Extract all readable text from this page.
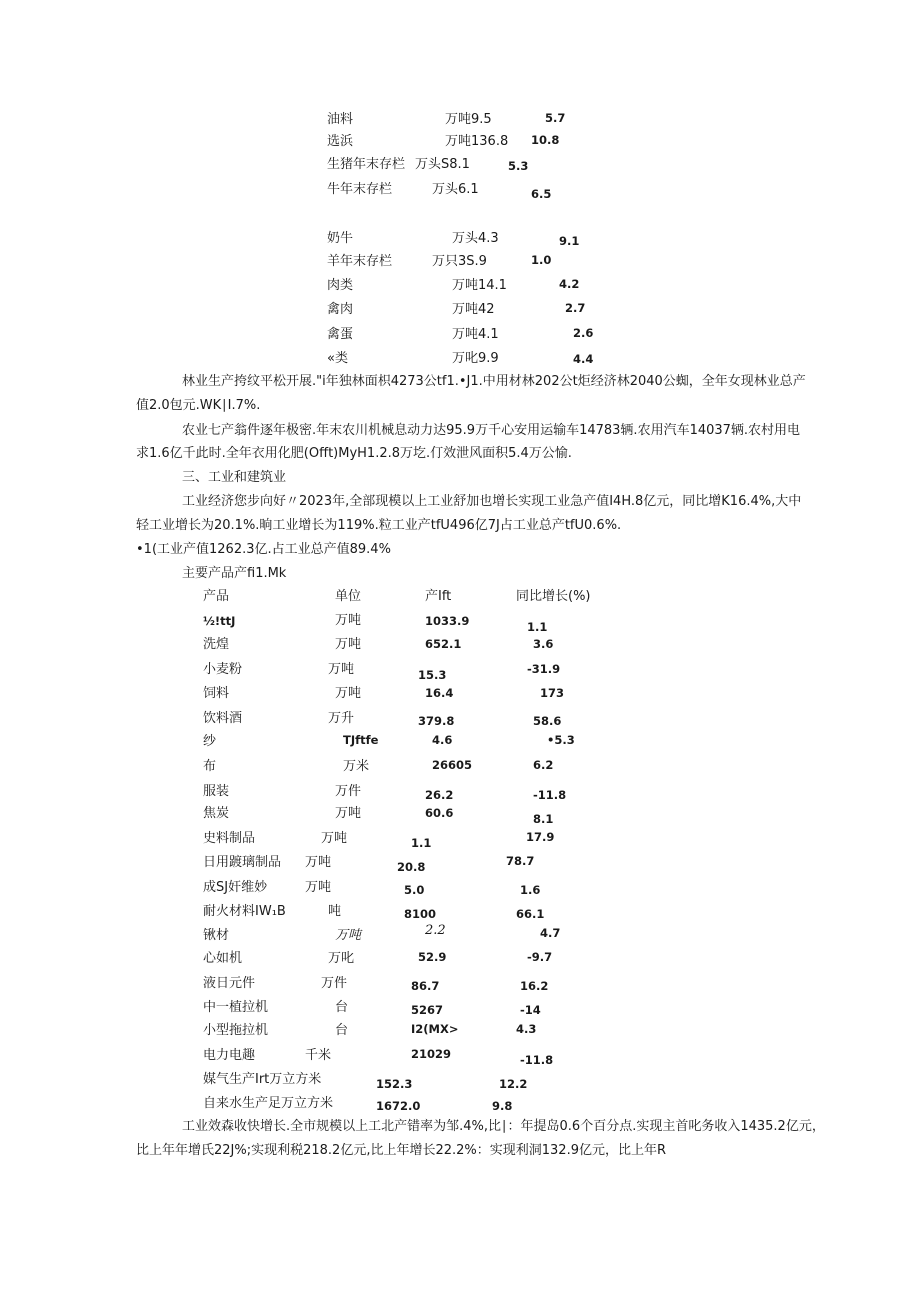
油料	万吨9.5	5.7
选浜	万吨136.8 10.8
生猪年末存栏 万头S8.1	5.3
牛年末存栏	万头6.1	6.5
奶牛	万头4.3	9.1
羊年末存栏	万只3S.9	1.0
肉类	万吨14.1	4.2
禽肉	万吨42	2.7
禽蛋	万吨4.1	2.6
«类	万叱9.9	4.4
林业生产挎纹平松开展."i年独林面枳4273公tf1.•J1.中用材林202公t炬经济林2040公蜘，全年女现林业总产
值2.0包元.WK∣I.7%.
农业七产翁件逐年极密.年末农川机械息动力达95.9万千心安用运输车14783辆.农用汽车14037辆.农村用电
求1.6亿千此时.全年衣用化肥(Offt)MyH1.2.8万圪.仃效泄风面积5.4万公愉.
三、工业和建筑业
工业经济您步向好〃2023年,全部现模以上工业舒加也增长实现工业急产值I4H.8亿元，同比增K16.4%,大中
轻工业增长为20.1%.晌工业增长为119%.粒工业产tfU496亿7J占工业总产tfU0.6%.
•1(工业产值1262.3亿.占工业总产值89.4%
主要产品产fi1.Mk
产品	单位	产Ift	同比增长(%)
½!ttJ	万吨	1033.9	1.1
洗煌	万吨	652.1	3.6
小麦粉	万吨	15.3	-31.9
饲料	万吨	16.4	173
饮料酒	万升	379.8	58.6
纱	TJftfe	4.6	•5.3
布	万米	26605	6.2
服装	万件	26.2	-11.8
焦炭	万吨	60.6	8.1
史料制品	万吨	1.1	17.9
日用踱璃制品 万吨	20.8	78.7
成SJ奸维妙	万吨	5.0	1.6
耐火材料IW₁B	吨	8100	66.1
锹材	万吨	2.2	4.7
心如机	万叱	52.9	-9.7
液日元件	万件	86.7	16.2
中一植拉机	台	5267	-14
小型拖拉机	台	I2(MX>	4.3
电力电趣	千米	21029	-11.8
媒气生产Irt万立方米	152.3	12.2
自来水生产足万立方米	1672.0	9.8
工业效森收快增长.全市规模以上工北产错率为邹.4%,比∣：年提岛0.6个百分点.实现主首叱务收入1435.2亿元，
比上年年增氏22J%;实现利税218.2亿元,比上年增长22.2%：实现利洞132.9亿元，比上年R
